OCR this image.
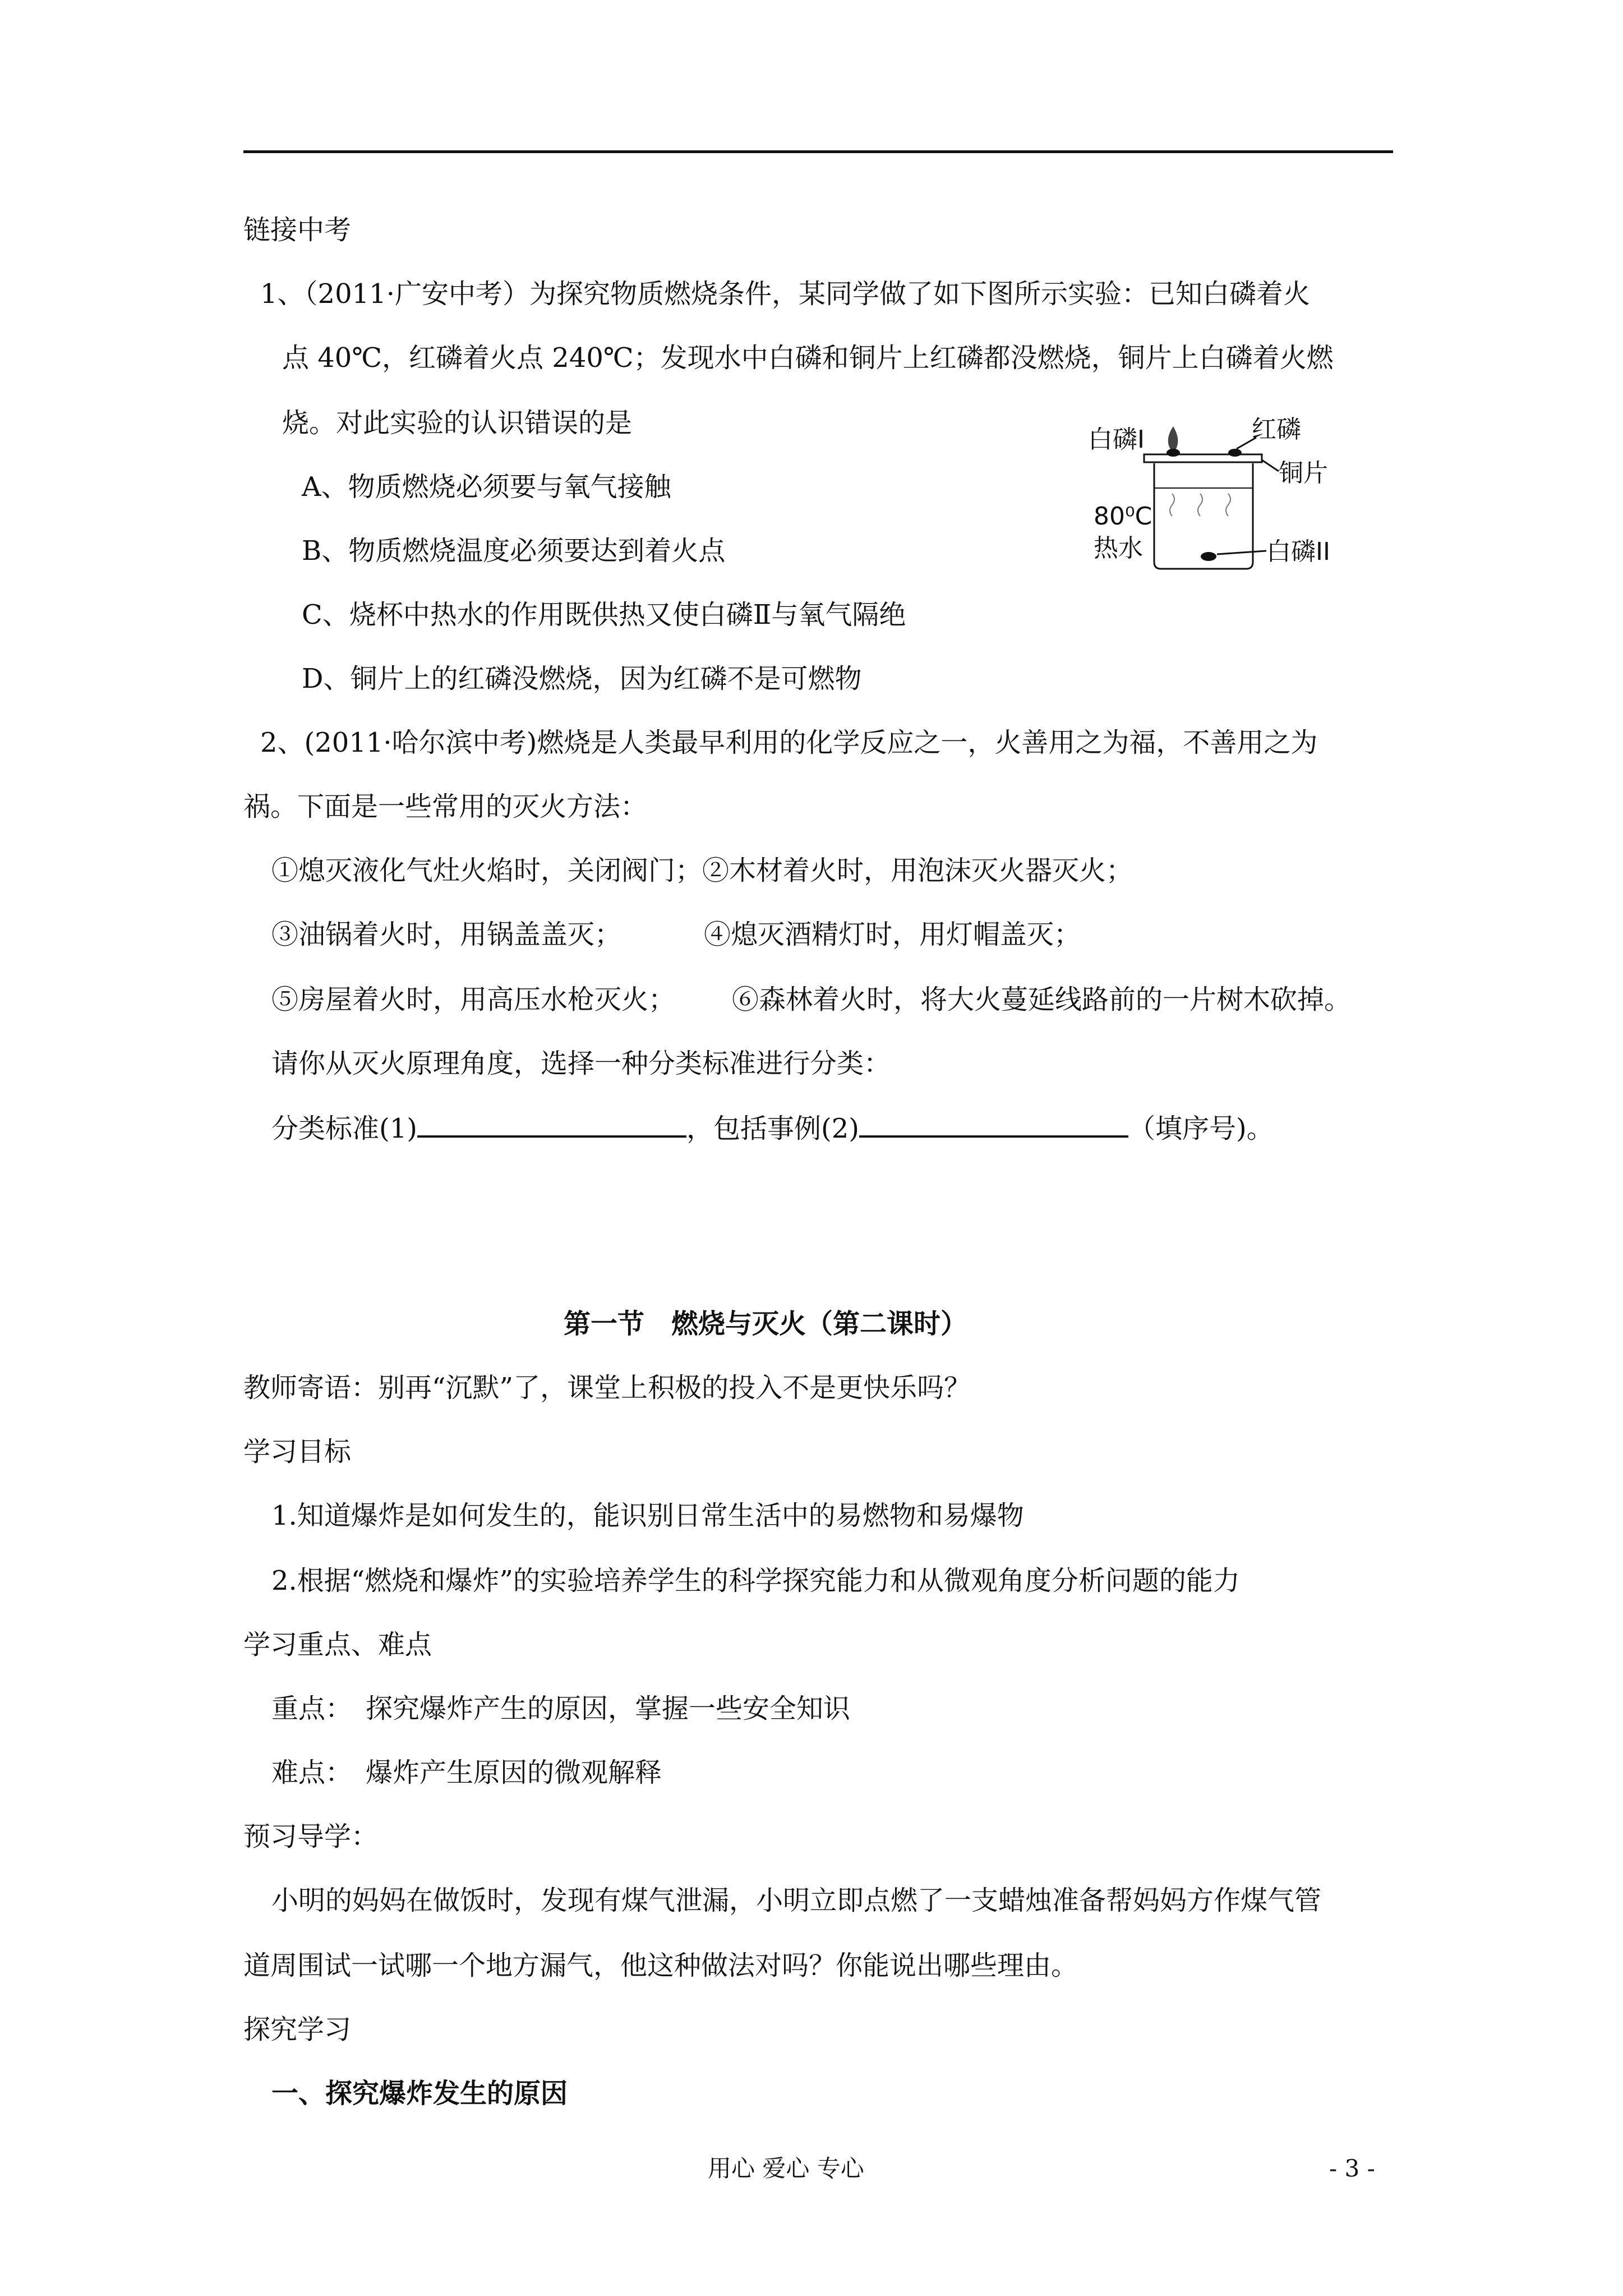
链接中考
1、（2011·广安中考）为探究物质燃烧条件，某同学做了如下图所示实验：已知白磷着火
点 40℃，红磷着火点 240℃；发现水中白磷和铜片上红磷都没燃烧，铜片上白磷着火燃
烧。对此实验的认识错误的是
A、物质燃烧必须要与氧气接触
B、物质燃烧温度必须要达到着火点
C、烧杯中热水的作用既供热又使白磷Ⅱ与氧气隔绝
D、铜片上的红磷没燃烧，因为红磷不是可燃物
白磷I	红磷
铜片
80⁰C
热水	白磷II
2、(2011·哈尔滨中考)燃烧是人类最早利用的化学反应之一，火善用之为福，不善用之为
祸。下面是一些常用的灭火方法：
①熄灭液化气灶火焰时，关闭阀门；②木材着火时，用泡沫灭火器灭火；
③油锅着火时，用锅盖盖灭；	④熄灭酒精灯时，用灯帽盖灭；
⑤房屋着火时，用高压水枪灭火； ⑥森林着火时，将大火蔓延线路前的一片树木砍掉。
请你从灭火原理角度，选择一种分类标准进行分类：
分类标准(1)	，包括事例(2)	（填序号)。
第一节　燃烧与灭火（第二课时）
教师寄语：别再“沉默”了，课堂上积极的投入不是更快乐吗？
学习目标
1.知道爆炸是如何发生的，能识别日常生活中的易燃物和易爆物
2.根据“燃烧和爆炸”的实验培养学生的科学探究能力和从微观角度分析问题的能力
学习重点、难点
重点：　探究爆炸产生的原因，掌握一些安全知识
难点：　爆炸产生原因的微观解释
预习导学：
小明的妈妈在做饭时，发现有煤气泄漏，小明立即点燃了一支蜡烛准备帮妈妈方作煤气管
道周围试一试哪一个地方漏气，他这种做法对吗？你能说出哪些理由。
探究学习
一、探究爆炸发生的原因
用心 爱心 专心	- 3 -
